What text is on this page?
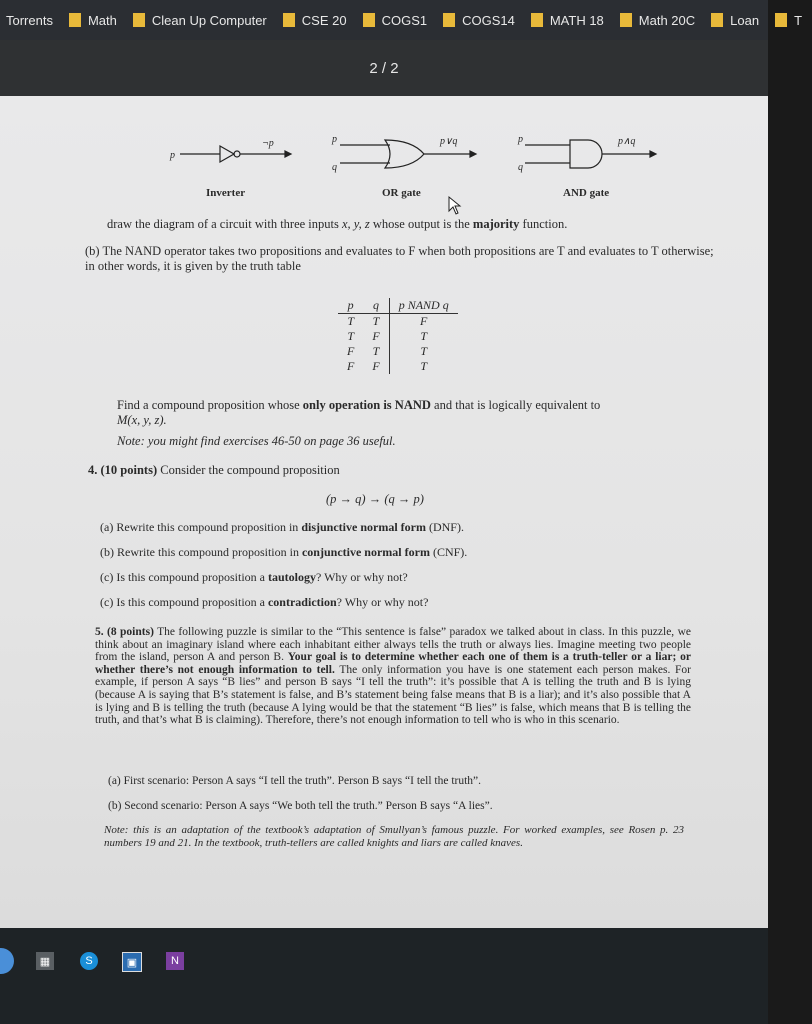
Torrents	Math	Clean Up Computer	CSE 20	COGS1	COGS14	MATH 18	Math 20C	Loan	T
2 / 2
p
¬p	p
q
p∨q	p
q
p∧q
Inverter	OR gate	AND gate
draw the diagram of a circuit with three inputs x, y, z whose output is the majority function.
(b) The NAND operator takes two propositions and evaluates to F when both propositions are T and evaluates to T otherwise; in other words, it is given by the truth table
p	q	p NAND q
T	T	F
T	F	T
F	T	T
F	F	T
Find a compound proposition whose only operation is NAND and that is logically equivalent to
M(x, y, z).
Note: you might find exercises 46-50 on page 36 useful.
4. (10 points) Consider the compound proposition
(p → q) → (q → p)
(a) Rewrite this compound proposition in disjunctive normal form (DNF).
(b) Rewrite this compound proposition in conjunctive normal form (CNF).
(c) Is this compound proposition a tautology? Why or why not?
(c) Is this compound proposition a contradiction? Why or why not?
5. (8 points) The following puzzle is similar to the “This sentence is false” paradox we talked about in class. In this puzzle, we think about an imaginary island where each inhabitant either always tells the truth or always lies. Imagine meeting two people from the island, person A and person B. Your goal is to determine whether each one of them is a truth-teller or a liar; or whether there’s not enough information to tell. The only information you have is one statement each person makes. For example, if person A says “B lies” and person B says “I tell the truth”: it’s possible that A is telling the truth and B is lying (because A is saying that B’s statement is false, and B’s statement being false means that B is a liar); and it’s also possible that A is lying and B is telling the truth (because A lying would be that the statement “B lies” is false, which means that B is telling the truth, and that’s what B is claiming). Therefore, there’s not enough information to tell who is who in this scenario.
(a) First scenario: Person A says “I tell the truth”. Person B says “I tell the truth”.
(b) Second scenario: Person A says “We both tell the truth.” Person B says “A lies”.
Note: this is an adaptation of the textbook’s adaptation of Smullyan’s famous puzzle. For worked examples, see Rosen p. 23 numbers 19 and 21. In the textbook, truth-tellers are called knights and liars are called knaves.
▦	S	▣	N
